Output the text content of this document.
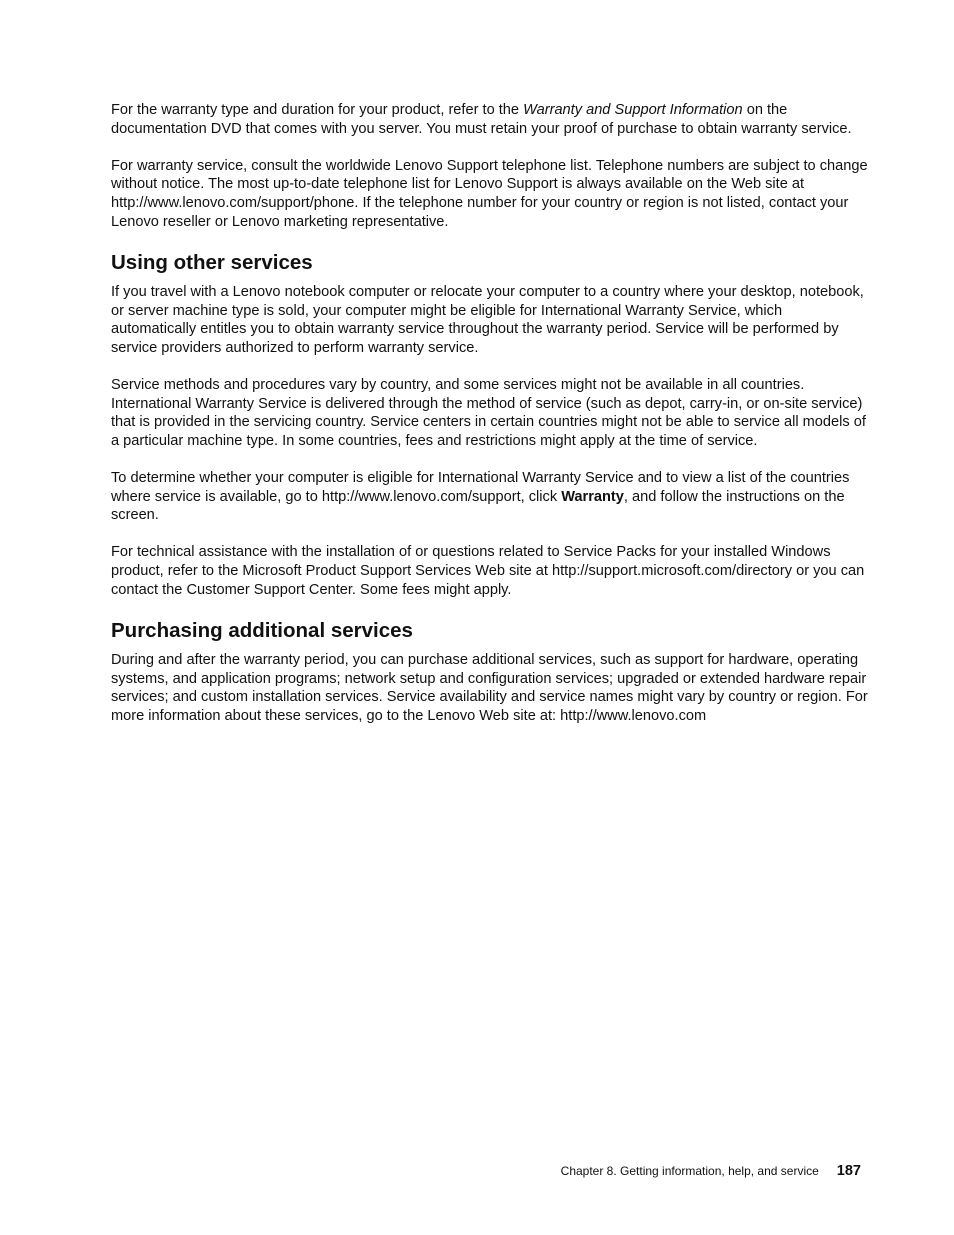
For the warranty type and duration for your product, refer to the Warranty and Support Information on the documentation DVD that comes with you server. You must retain your proof of purchase to obtain warranty service.

For warranty service, consult the worldwide Lenovo Support telephone list. Telephone numbers are subject to change without notice. The most up-to-date telephone list for Lenovo Support is always available on the Web site at http://www.lenovo.com/support/phone. If the telephone number for your country or region is not listed, contact your Lenovo reseller or Lenovo marketing representative.

Using other services

If you travel with a Lenovo notebook computer or relocate your computer to a country where your desktop, notebook, or server machine type is sold, your computer might be eligible for International Warranty Service, which automatically entitles you to obtain warranty service throughout the warranty period. Service will be performed by service providers authorized to perform warranty service.

Service methods and procedures vary by country, and some services might not be available in all countries. International Warranty Service is delivered through the method of service (such as depot, carry-in, or on-site service) that is provided in the servicing country. Service centers in certain countries might not be able to service all models of a particular machine type. In some countries, fees and restrictions might apply at the time of service.

To determine whether your computer is eligible for International Warranty Service and to view a list of the countries where service is available, go to http://www.lenovo.com/support, click Warranty, and follow the instructions on the screen.

For technical assistance with the installation of or questions related to Service Packs for your installed Windows product, refer to the Microsoft Product Support Services Web site at http://support.microsoft.com/directory or you can contact the Customer Support Center. Some fees might apply.

Purchasing additional services

During and after the warranty period, you can purchase additional services, such as support for hardware, operating systems, and application programs; network setup and configuration services; upgraded or extended hardware repair services; and custom installation services. Service availability and service names might vary by country or region. For more information about these services, go to the Lenovo Web site at: http://www.lenovo.com

Chapter 8. Getting information, help, and service 187
